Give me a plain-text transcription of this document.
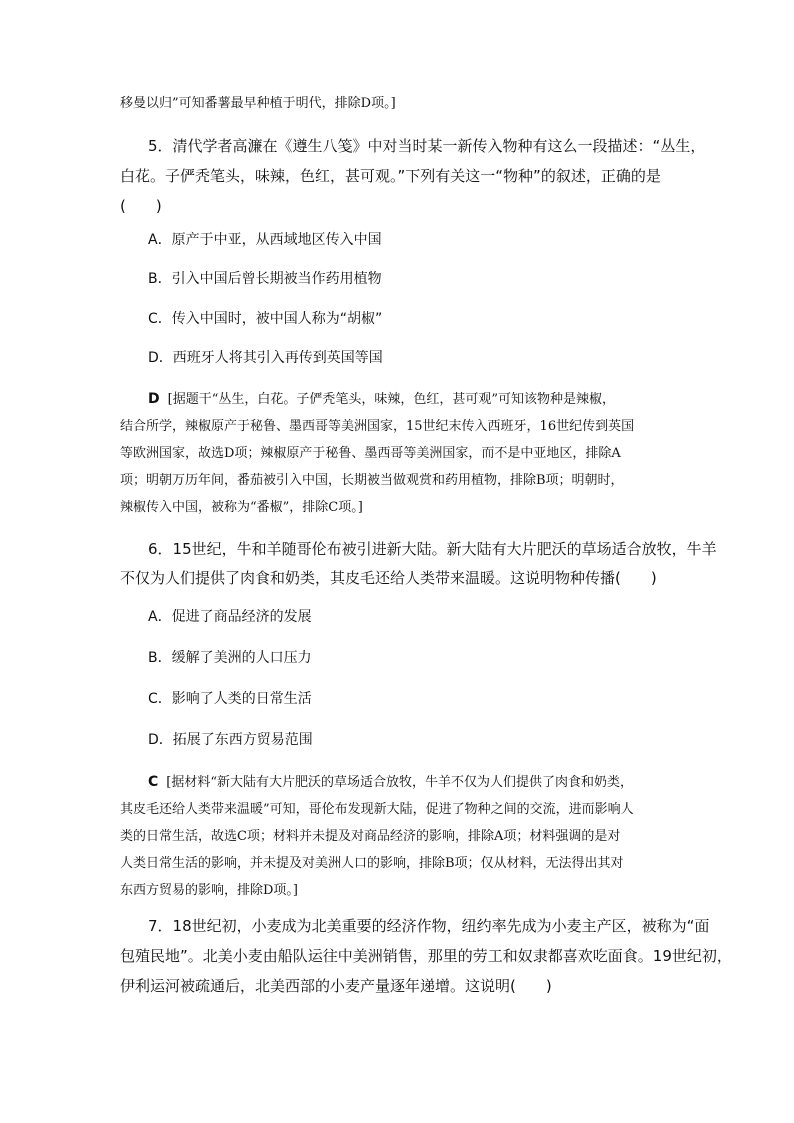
移曼以归”可知番薯最早种植于明代，排除D项。]
5．清代学者高濂在《遵生八笺》中对当时某一新传入物种有这么一段描述：“丛生，
白花。子俨秃笔头，味辣，色红，甚可观。”下列有关这一“物种”的叙述，正确的是
(　　)
A．原产于中亚，从西域地区传入中国
B．引入中国后曾长期被当作药用植物
C．传入中国时，被中国人称为“胡椒”
D．西班牙人将其引入再传到英国等国
D [据题干“丛生，白花。子俨秃笔头，味辣，色红，甚可观”可知该物种是辣椒，
结合所学，辣椒原产于秘鲁、墨西哥等美洲国家，15世纪末传入西班牙，16世纪传到英国
等欧洲国家，故选D项；辣椒原产于秘鲁、墨西哥等美洲国家，而不是中亚地区，排除A
项；明朝万历年间，番茄被引入中国，长期被当做观赏和药用植物，排除B项；明朝时，
辣椒传入中国，被称为“番椒”，排除C项。]
6．15世纪，牛和羊随哥伦布被引进新大陆。新大陆有大片肥沃的草场适合放牧，牛羊
不仅为人们提供了肉食和奶类，其皮毛还给人类带来温暖。这说明物种传播(　　)
A．促进了商品经济的发展
B．缓解了美洲的人口压力
C．影响了人类的日常生活
D．拓展了东西方贸易范围
C [据材料“新大陆有大片肥沃的草场适合放牧，牛羊不仅为人们提供了肉食和奶类，
其皮毛还给人类带来温暖”可知，哥伦布发现新大陆，促进了物种之间的交流，进而影响人
类的日常生活，故选C项；材料并未提及对商品经济的影响，排除A项；材料强调的是对
人类日常生活的影响，并未提及对美洲人口的影响，排除B项；仅从材料，无法得出其对
东西方贸易的影响，排除D项。]
7．18世纪初，小麦成为北美重要的经济作物，纽约率先成为小麦主产区，被称为“面
包殖民地”。北美小麦由船队运往中美洲销售，那里的劳工和奴隶都喜欢吃面食。19世纪初，
伊利运河被疏通后，北美西部的小麦产量逐年递增。这说明(　　)
